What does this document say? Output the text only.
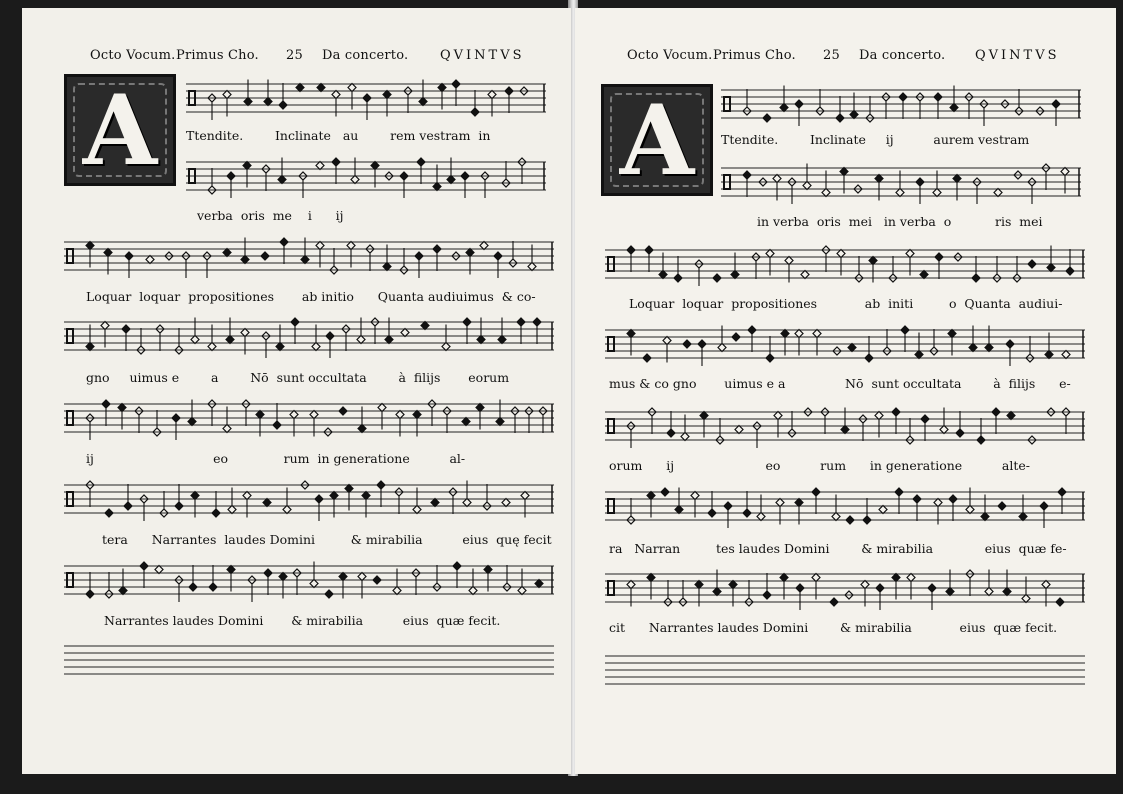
Octo Vocum. Primus Cho. 25 Da concerto. QVINTVS
A	Ttendite.        Inclinate   au        rem vestram  in
verba  oris  me    i      ij
Loquar  loquar  propositiones       ab initio      Quanta audiuimus  & co-
gno     uimus e        a        Nō  sunt occultata        à  filijs       eorum
ij                              eo              rum  in generatione          al-
tera      Narrantes  laudes Domini         & mirabilia          eius  quę fecit
Narrantes laudes Domini       & mirabilia          eius  quæ fecit.
Octo Vocum. Primus Cho. 25 Da concerto. QVINTVS
A	Ttendite.        Inclinate     ij          aurem vestram
in verba  oris  mei   in verba  o           ris  mei
Loquar  loquar  propositiones            ab  initi         o  Quanta  audiui-
mus & co gno       uimus e a               Nō  sunt occultata        à  filijs      e-
orum      ij                       eo          rum      in generatione          alte-
ra   Narran         tes laudes Domini        & mirabilia             eius  quæ fe-
cit      Narrantes laudes Domini        & mirabilia            eius  quæ fecit.
